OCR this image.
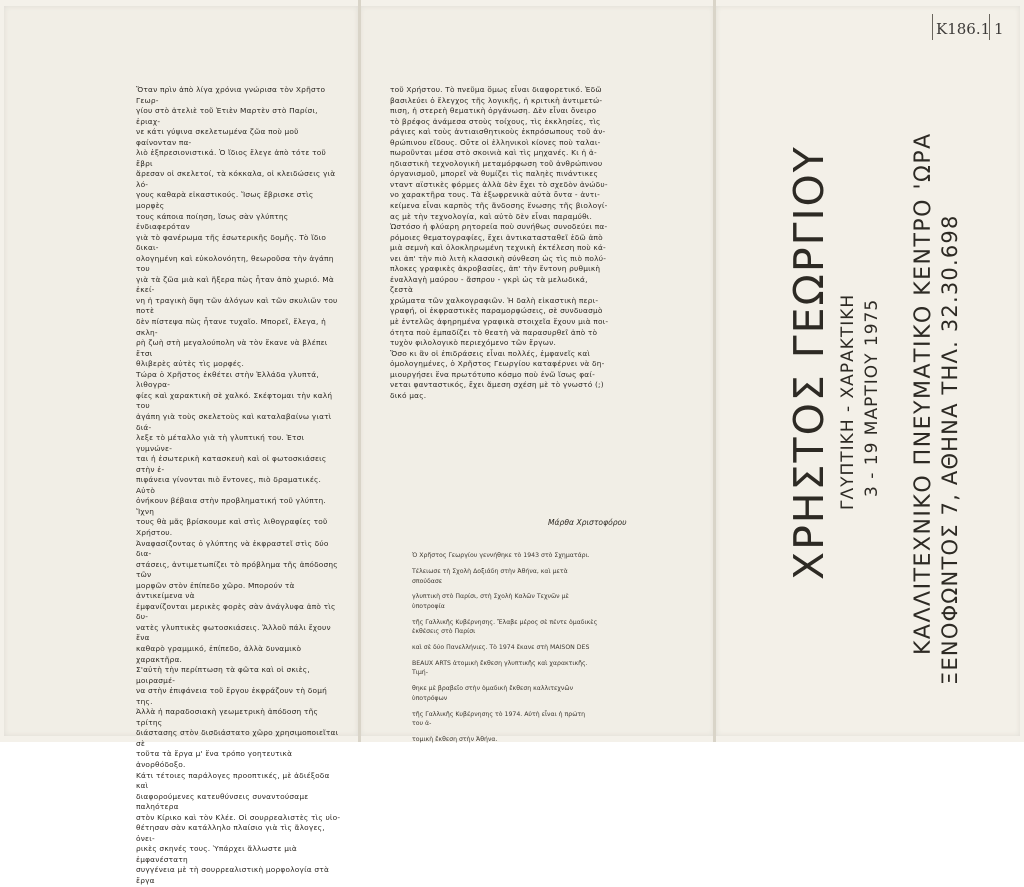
Κ186.1 1

Ὅταν πρὶν ἀπὸ λίγα χρόνια γνώρισα τὸν Χρῆστο Γεωρ-

γίου στὸ ἀτελιὲ τοῦ Ἐτιὲν Μαρτὲν στὸ Παρίσι, ἐριαχ-

νε κάτι γύψινα σκελετωμένα ζῶα ποὺ μοῦ φαίνονταν πα-

λιὸ ἐξπρεσιονιστικά. Ὁ ἴδιος ἔλεγε ἀπὸ τότε τοῦ ἔβρι

ἄρεσαν οἱ σκελετοί, τὰ κόκκαλα, οἱ κλειδώσεις γιὰ λό-

γους καθαρὰ εἰκαστικούς. Ἴσως ἔβρισκε στὶς μορφὲς

τους κάποια ποίηση, ἴσως σὰν γλύπτης ἐνδιαφερόταν

γιὰ τὸ φανέρωμα τῆς ἐσωτερικῆς δομῆς. Τὸ ἴδιο δικαι-

ολογημένη καὶ εὐκολονόητη, θεωροῦσα τὴν ἀγάπη του

γιὰ τὰ ζῶα μιὰ καὶ ἤξερα πὼς ἦταν ἀπὸ χωριό. Μὰ ἐκεί-

νη ἡ τραγικὴ ὄψη τῶν ἀλόγων καὶ τῶν σκυλιῶν του ποτὲ

δὲν πίστεψα πὼς ἦτανε τυχαῖο. Μπορεῖ, ἔλεγα, ἡ σκλη-

ρὴ ζωὴ στὴ μεγαλούπολη νὰ τὸν ἔκανε νὰ βλέπει ἔτσι

θλιβερὲς αὐτὲς τὶς μορφές.

Τώρα ὁ Χρῆστος ἐκθέτει στὴν Ἑλλάδα γλυπτά, λιθογρα-

φίες καὶ χαρακτικὴ σὲ χαλκό. Σκέφτομαι τὴν καλή του

ἀγάπη γιὰ τοὺς σκελετοὺς καὶ καταλαβαίνω γιατὶ διά-

λεξε τὸ μέταλλο γιὰ τὴ γλυπτική του. Ἐτσι γυμνώνε-

ται ἡ ἐσωτερικὴ κατασκευὴ καὶ οἱ φωτοσκιάσεις στὴν ἐ-

πιφάνεια γίνονται πιὸ ἔντονες, πιὸ δραματικές. Αὐτὸ

ὀνήκουν βέβαια στὴν προβληματική τοῦ γλύπτη. Ἴχνη

τους θὰ μᾶς βρίσκουμε καὶ στὶς λιθογραφίες τοῦ Χρήστου.

Ἀναφασίζοντας ὁ γλύπτης νὰ ἐκφραστεῖ στὶς δύο δια-

στάσεις, ἀντιμετωπίζει τὸ πρόβλημα τῆς ἀπόδοσης τῶν

μορφῶν στὸν ἐπίπεδο χῶρο. Μπορούν τὰ ἀντικείμενα νὰ

ἐμφανίζονται μερικὲς φορὲς σὰν ἀνάγλυφα ἀπὸ τὶς δυ-

νατὲς γλυπτικὲς φωτοσκιάσεις. Ἄλλοῦ πάλι ἔχουν ἕνα

καθαρὸ γραμμικό, ἐπίπεδο, ἀλλὰ δυναμικὸ χαρακτῆρα.

Σ'αὐτὴ τὴν περίπτωση τὰ φῶτα καὶ οἱ σκιὲς, μοιρασμέ-

να στὴν ἐπιφάνεια τοῦ ἔργου ἐκφράζουν τὴ δομή της.

Ἀλλὰ ἡ παραδοσιακὴ γεωμετρικὴ ἀπόδοση τῆς τρίτης

διάστασης στὸν δισδιάστατο χῶρο χρησιμοποιεῖται σὲ

τοῦτα τὰ ἔργα μ' ἕνα τρόπο γοητευτικὰ ἀνορθόδοξο.

Κάτι τέτοιες παράλογες προοπτικές, μὲ ἀδιέξοδα καὶ

διαφορούμενες κατευθύνσεις συναντούσαμε παληότερα

στὸν Κίρικο καὶ τὸν Κλέε. Οἱ σουρρεαλιστὲς τὶς υἱο-

θέτησαν σὰν κατάλληλο πλαίσιο γιὰ τὶς ἄλογες, ὀνει-

ρικὲς σκηνές τους. Ὑπάρχει ἄλλωστε μιὰ ἐμφανέστατη

συγγένεια μὲ τὴ σουρρεαλιστικὴ μορφολογία στὰ ἔργα

τοῦ Χρήστου. Τὸ πνεῦμα ὅμως εἶναι διαφορετικό. Ἐδῶ

βασιλεύει ὁ ἔλεγχος τῆς λογικῆς, ἡ κριτικὴ ἀντιμετώ-

πιση, ἡ στερεὴ θεματικὴ ὀργάνωση. Δὲν εἶναι ὄνειρο

τὸ βρέφος ἀνάμεσα στοὺς τοίχους, τὶς ἐκκλησίες, τὶς

ράγιες καὶ τοὺς ἀντιαισθητικοὺς ἐκπρόσωπους τοῦ ἀν-

θρώπινου εἴδους. Οὔτε οἱ ἑλληνικοὶ κίονες ποὺ ταλαι-

πωροῦνται μέσα στὸ σκοινιὰ καὶ τὶς μηχανές. Κι ἡ ἀ-

ηδιαστικὴ τεχνολογικὴ μεταμόρφωση τοῦ ἀνθρώπινου

ὀργανισμοῦ, μπορεῖ νὰ θυμίζει τὶς παληὲς πινάντικες

νταντ αϊστικὲς φόρμες ἀλλὰ δὲν ἔχει τὸ σχεδὸν ἀνώδυ-

νο χαρακτῆρα τους. Τὰ ἐξωφρενικὰ αὐτὰ ὄντα - ἀντι-

κείμενα εἶναι καρπὸς τῆς ἄνδοσης ἕνωσης τῆς βιολογί-

ας μὲ τὴν τεχνολογία, καὶ αὐτὸ δὲν εἶναι παραμύθι.

Ὡστόσο ἡ φλύαρη ρητορεία ποὺ συνήθως συνοδεύει πα-

ρόμοιες θεματογραφίες, ἔχει ἀντικατασταθεῖ ἐδῶ ἀπὸ

μιὰ σεμνὴ καὶ ὁλοκληρωμένη τεχνικὴ ἐκτέλεση ποὺ κά-

νει ἀπ' τὴν πιὸ λιτὴ κλασσικὴ σύνθεση ὡς τὶς πιὸ πολύ-

πλοκες γραφικὲς ἀκροβασίες, ἀπ' τὴν ἔντονη ρυθμικὴ

ἐναλλαγὴ μαύρου - ἄσπρου - γκρὶ ὡς τὰ μελωδικά, ζεστὰ

χρώματα τῶν χαλκογραφιῶν. Ἡ δαλὴ εἰκαστικὴ περι-

γραφή, οἱ ἐκφραστικὲς παραμορφώσεις, σὲ συνδυασμὸ

μὲ ἐντελῶς ἀφηρημένα γραφικὰ στοιχεῖα ἔχουν μιὰ ποι-

ότητα ποὺ ἐμπαδίζει τὸ θεατὴ νὰ παρασυρθεῖ ἀπὸ τὸ

τυχὸν φιλολογικὸ περιεχόμενο τῶν ἔργων.

Ὅσο κι ἂν οἱ ἐπιδράσεις εἶναι πολλές, ἐμφανεῖς καὶ

ὁμολογημένες, ὁ Χρῆστος Γεωργίου καταφέρνει νὰ δη-

μιουργήσει ἕνα πρωτότυπο κόσμο ποὺ ἐνῶ ἴσως φαί-

νεται φανταστικός, ἔχει ἄμεση σχέση μὲ τὸ γνωστό (;)

δικό μας.

Μάρθα Χριστοφόρου

Ὁ Χρῆστος Γεωργίου γεννήθηκε τὸ 1943 στὸ Σχηματάρι.

Τέλειωσε τὴ Σχολὴ Δοξιάδη στὴν Ἀθήνα, καὶ μετὰ σπούδασε

γλυπτικὴ στὸ Παρίσι, στὴ Σχολὴ Καλῶν Τεχνῶν μὲ ὑποτροφία

τῆς Γαλλικῆς Κυβέρνησης. Ἔλαβε μέρος σὲ πέντε ὁμαδικὲς ἐκθέσεις στὸ Παρίσι

καὶ σὲ δύο Πανελλήνιες. Τὸ 1974 ἔκανε στὴ MAISON DES

BEAUX ARTS ἀτομικὴ ἔκθεση γλυπτικῆς καὶ χαρακτικῆς. Τιμή-

θηκε μὲ βραβεῖο στὴν ὁμαδικὴ ἔκθεση καλλιτεχνῶν ὑποτρόφων

τῆς Γαλλικῆς Κυβέρνησης τὸ 1974. Αὐτὴ εἶναι ἡ πρώτη του ἀ-

τομικὴ ἔκθεση στὴν Ἀθήνα.

ΧΡΗΣΤΟΣ ΓΕΩΡΓΙΟΥ ΓΛΥΠΤΙΚΗ - ΧΑΡΑΚΤΙΚΗ 3 - 19 ΜΑΡΤΙΟΥ 1975 ΚΑΛΛΙΤΕΧΝΙΚΟ ΠΝΕΥΜΑΤΙΚΟ ΚΕΝΤΡΟ 'ΩΡΑ ΞΕΝΟΦΩΝΤΟΣ 7, ΑΘΗΝΑ ΤΗΛ. 32.30.698
